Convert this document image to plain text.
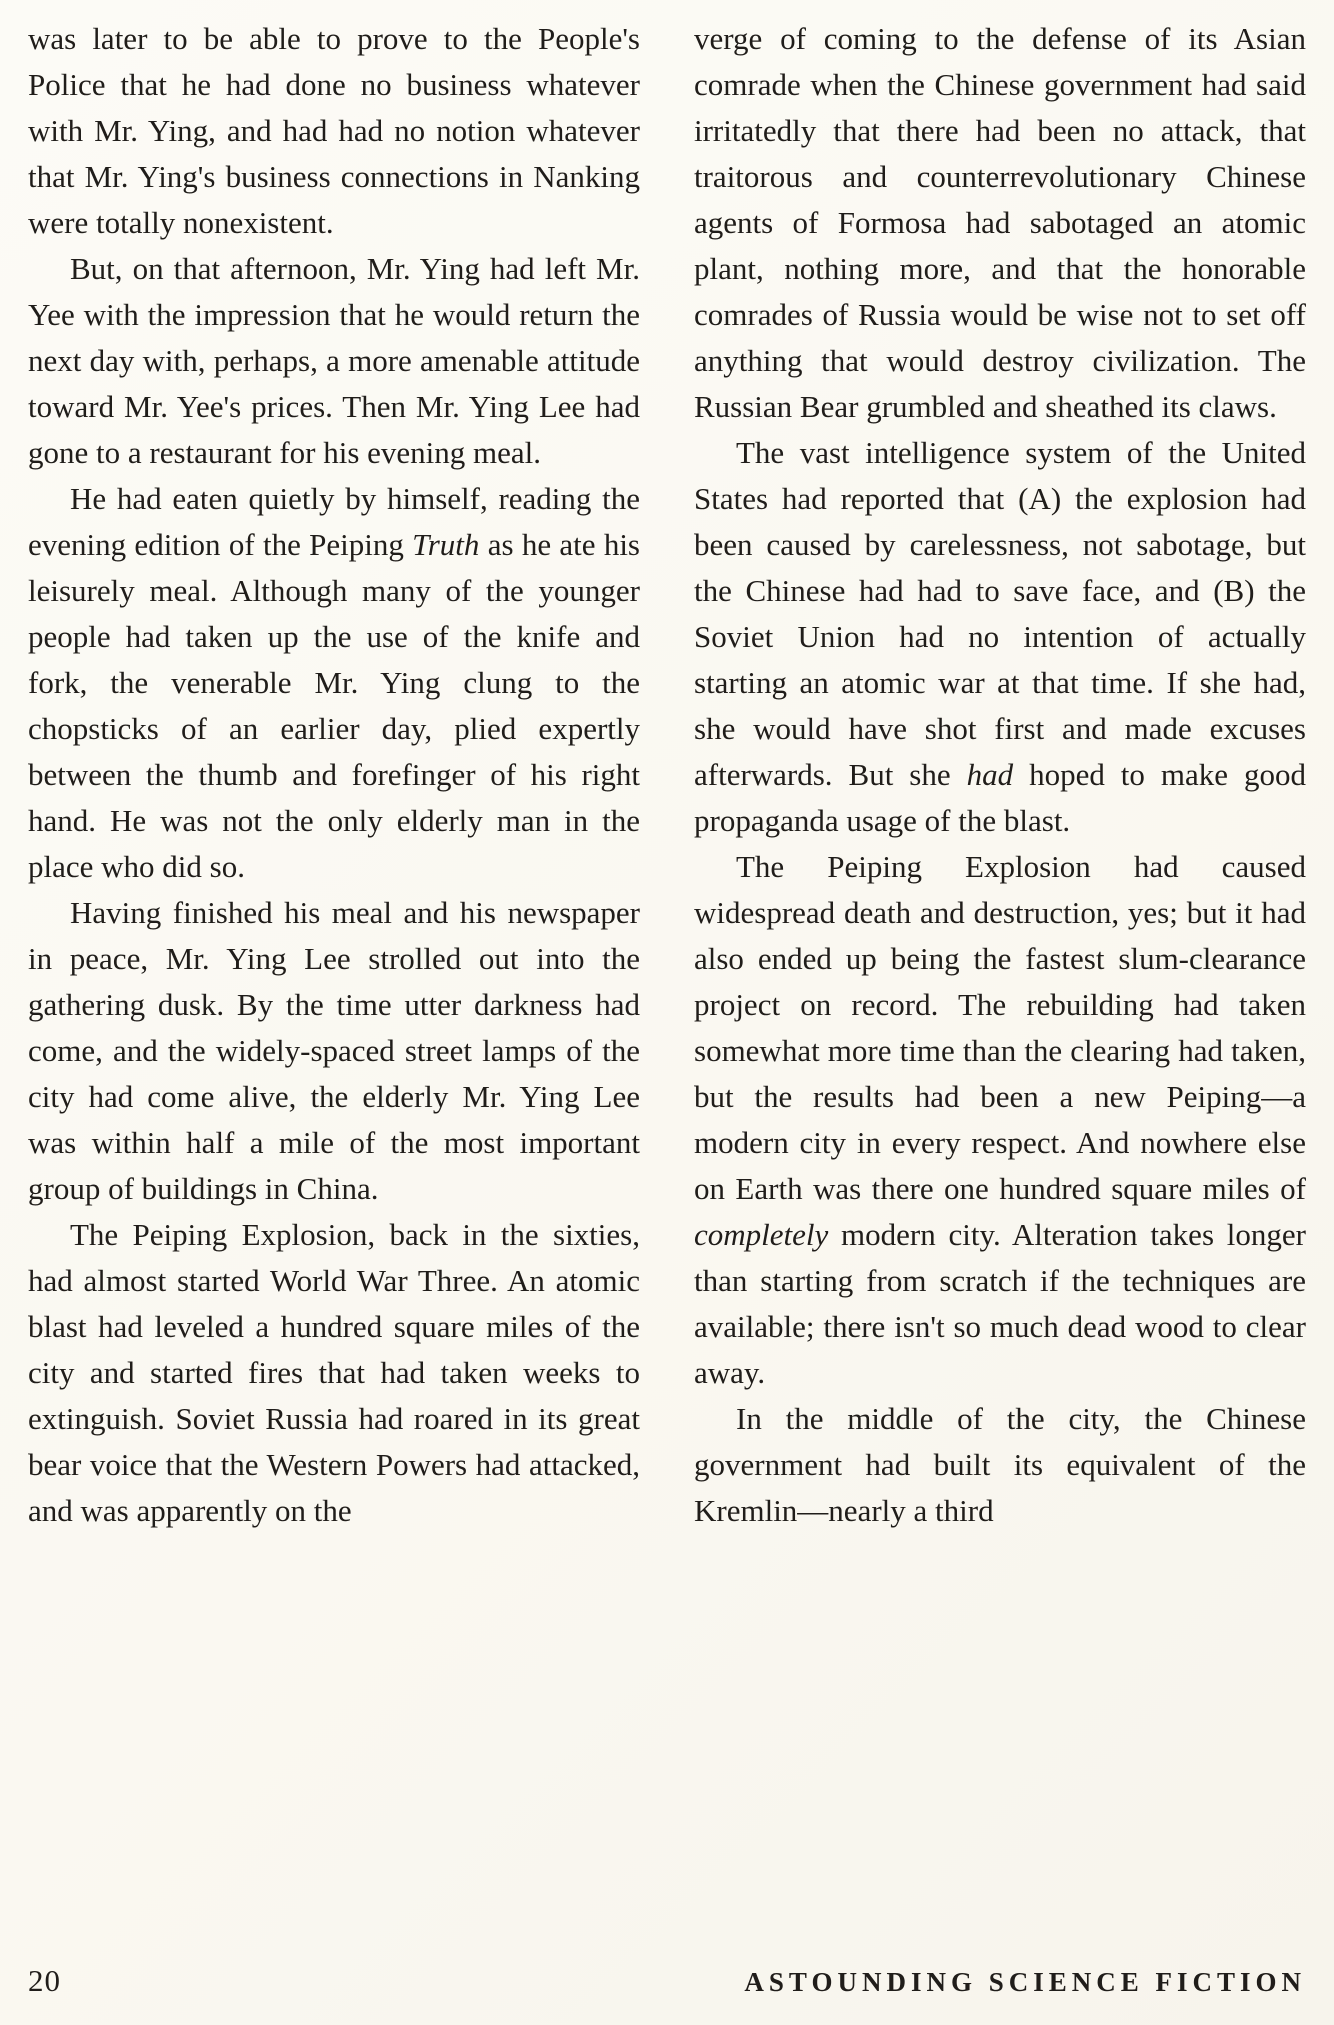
was later to be able to prove to the People's Police that he had done no business whatever with Mr. Ying, and had had no notion whatever that Mr. Ying's business connections in Nanking were totally nonexistent.

But, on that afternoon, Mr. Ying had left Mr. Yee with the impression that he would return the next day with, perhaps, a more amenable attitude toward Mr. Yee's prices. Then Mr. Ying Lee had gone to a restaurant for his evening meal.

He had eaten quietly by himself, reading the evening edition of the Peiping Truth as he ate his leisurely meal. Although many of the younger people had taken up the use of the knife and fork, the venerable Mr. Ying clung to the chopsticks of an earlier day, plied expertly between the thumb and forefinger of his right hand. He was not the only elderly man in the place who did so.

Having finished his meal and his newspaper in peace, Mr. Ying Lee strolled out into the gathering dusk. By the time utter darkness had come, and the widely-spaced street lamps of the city had come alive, the elderly Mr. Ying Lee was within half a mile of the most important group of buildings in China.

The Peiping Explosion, back in the sixties, had almost started World War Three. An atomic blast had leveled a hundred square miles of the city and started fires that had taken weeks to extinguish. Soviet Russia had roared in its great bear voice that the Western Powers had attacked, and was apparently on the

verge of coming to the defense of its Asian comrade when the Chinese government had said irritatedly that there had been no attack, that traitorous and counterrevolutionary Chinese agents of Formosa had sabotaged an atomic plant, nothing more, and that the honorable comrades of Russia would be wise not to set off anything that would destroy civilization. The Russian Bear grumbled and sheathed its claws.

The vast intelligence system of the United States had reported that (A) the explosion had been caused by carelessness, not sabotage, but the Chinese had had to save face, and (B) the Soviet Union had no intention of actually starting an atomic war at that time. If she had, she would have shot first and made excuses afterwards. But she had hoped to make good propaganda usage of the blast.

The Peiping Explosion had caused widespread death and destruction, yes; but it had also ended up being the fastest slum-clearance project on record. The rebuilding had taken somewhat more time than the clearing had taken, but the results had been a new Peiping—a modern city in every respect. And nowhere else on Earth was there one hundred square miles of completely modern city. Alteration takes longer than starting from scratch if the techniques are available; there isn't so much dead wood to clear away.

In the middle of the city, the Chinese government had built its equivalent of the Kremlin—nearly a third

20	ASTOUNDING SCIENCE FICTION
